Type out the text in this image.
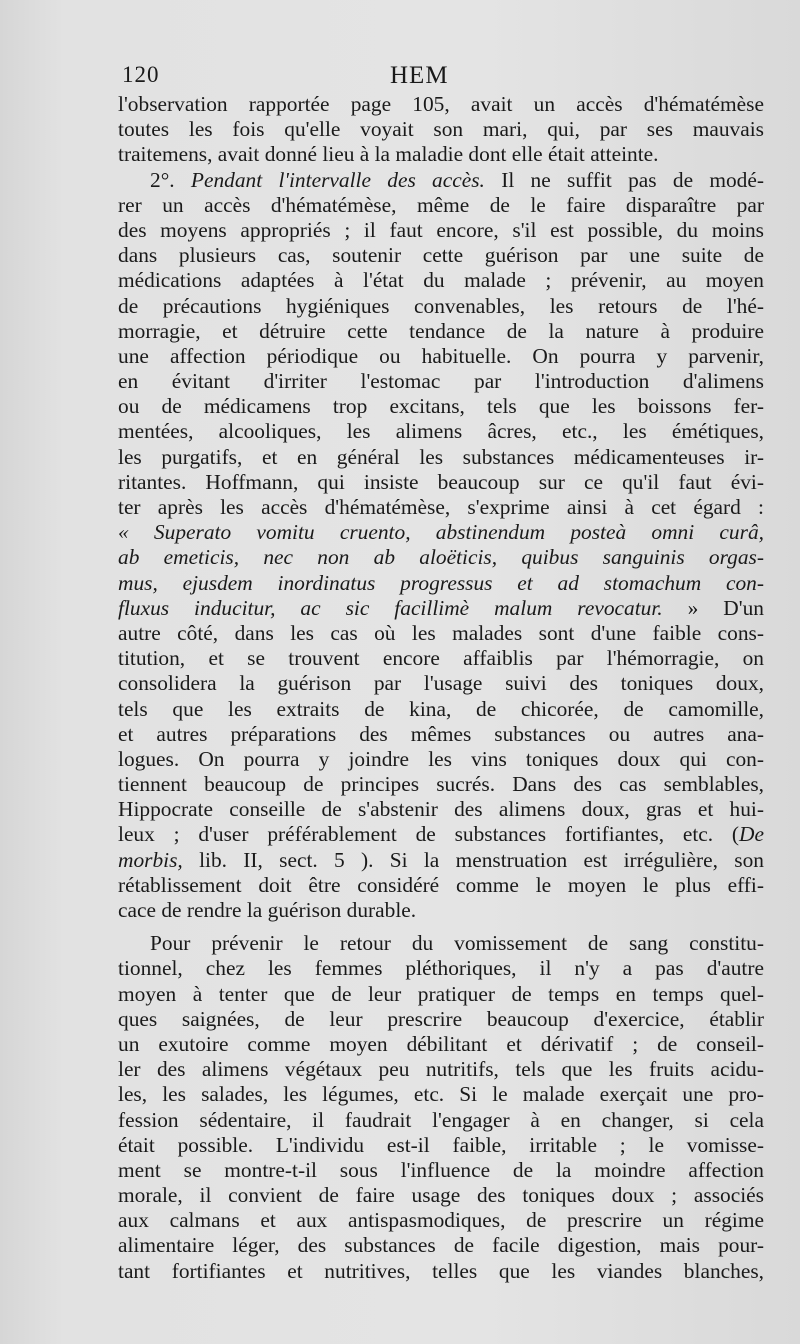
120	HEM
l'observation rapportée page 105, avait un accès d'hématémèse
toutes les fois qu'elle voyait son mari, qui, par ses mauvais
traitemens, avait donné lieu à la maladie dont elle était atteinte.
2°. Pendant l'intervalle des accès. Il ne suffit pas de modé-
rer un accès d'hématémèse, même de le faire disparaître par
des moyens appropriés ; il faut encore, s'il est possible, du moins
dans plusieurs cas, soutenir cette guérison par une suite de
médications adaptées à l'état du malade ; prévenir, au moyen
de précautions hygiéniques convenables, les retours de l'hé-
morragie, et détruire cette tendance de la nature à produire
une affection périodique ou habituelle. On pourra y parvenir,
en évitant d'irriter l'estomac par l'introduction d'alimens
ou de médicamens trop excitans, tels que les boissons fer-
mentées, alcooliques, les alimens âcres, etc., les émétiques,
les purgatifs, et en général les substances médicamenteuses ir-
ritantes. Hoffmann, qui insiste beaucoup sur ce qu'il faut évi-
ter après les accès d'hématémèse, s'exprime ainsi à cet égard :
« Superato vomitu cruento, abstinendum posteà omni curâ,
ab emeticis, nec non ab aloëticis, quibus sanguinis orgas-
mus, ejusdem inordinatus progressus et ad stomachum con-
fluxus inducitur, ac sic facillimè malum revocatur. » D'un
autre côté, dans les cas où les malades sont d'une faible cons-
titution, et se trouvent encore affaiblis par l'hémorragie, on
consolidera la guérison par l'usage suivi des toniques doux,
tels que les extraits de kina, de chicorée, de camomille,
et autres préparations des mêmes substances ou autres ana-
logues. On pourra y joindre les vins toniques doux qui con-
tiennent beaucoup de principes sucrés. Dans des cas semblables,
Hippocrate conseille de s'abstenir des alimens doux, gras et hui-
leux ; d'user préférablement de substances fortifiantes, etc. (De
morbis, lib. II, sect. 5 ). Si la menstruation est irrégulière, son
rétablissement doit être considéré comme le moyen le plus effi-
cace de rendre la guérison durable.
Pour prévenir le retour du vomissement de sang constitu-
tionnel, chez les femmes pléthoriques, il n'y a pas d'autre
moyen à tenter que de leur pratiquer de temps en temps quel-
ques saignées, de leur prescrire beaucoup d'exercice, établir
un exutoire comme moyen débilitant et dérivatif ; de conseil-
ler des alimens végétaux peu nutritifs, tels que les fruits acidu-
les, les salades, les légumes, etc. Si le malade exerçait une pro-
fession sédentaire, il faudrait l'engager à en changer, si cela
était possible. L'individu est-il faible, irritable ; le vomisse-
ment se montre-t-il sous l'influence de la moindre affection
morale, il convient de faire usage des toniques doux ; associés
aux calmans et aux antispasmodiques, de prescrire un régime
alimentaire léger, des substances de facile digestion, mais pour-
tant fortifiantes et nutritives, telles que les viandes blanches,
